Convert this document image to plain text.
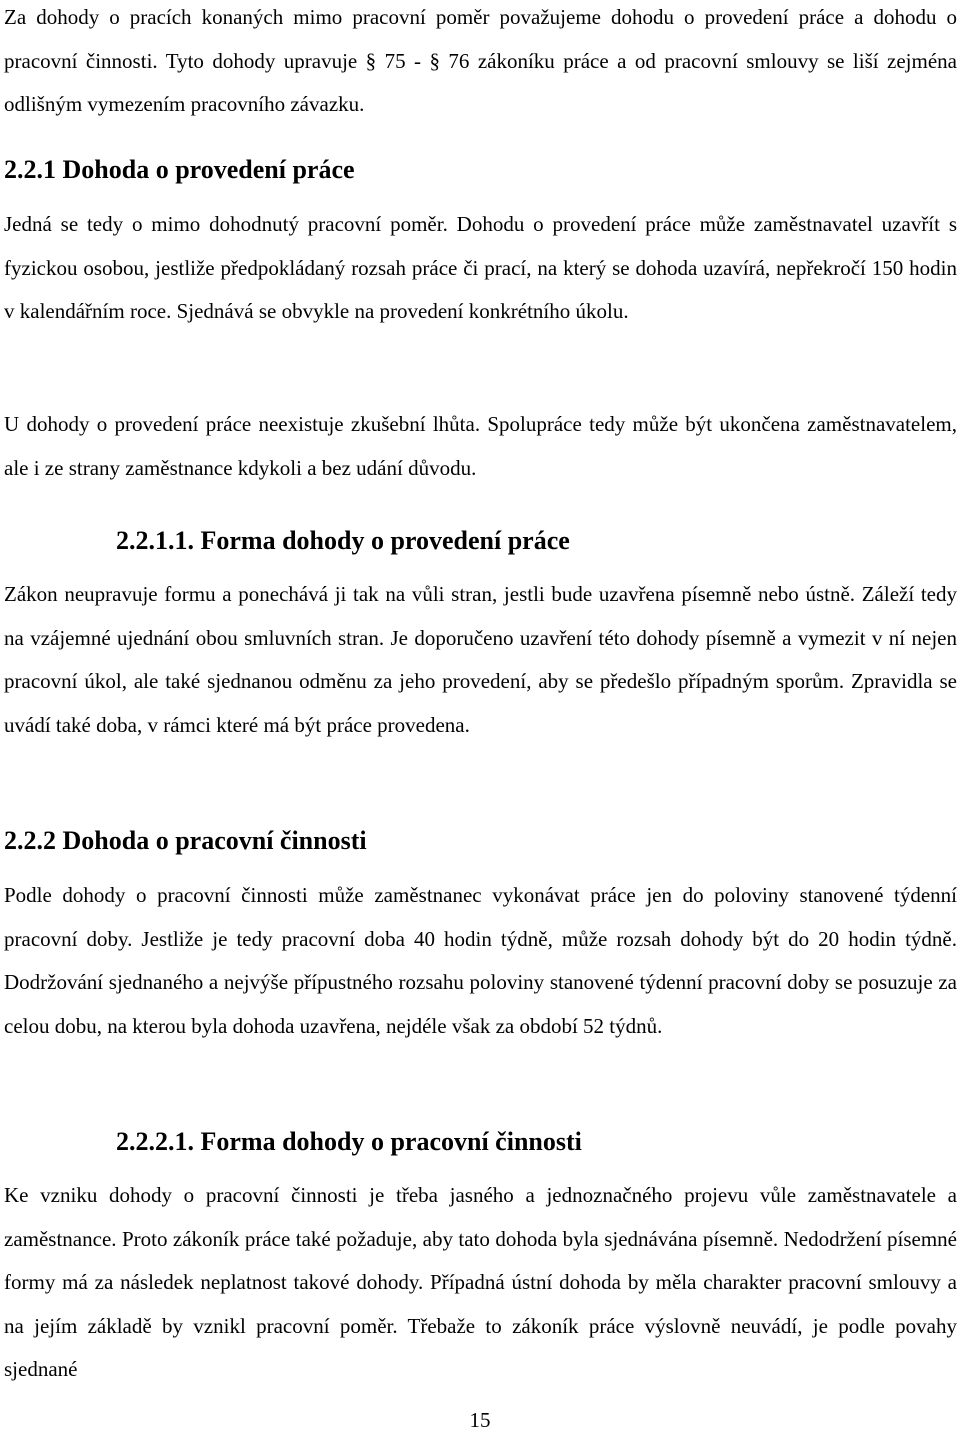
Za dohody o pracích konaných mimo pracovní poměr považujeme dohodu o provedení práce a dohodu o pracovní činnosti. Tyto dohody upravuje § 75 - § 76 zákoníku práce a od pracovní smlouvy se liší zejména odlišným vymezením pracovního závazku.

2.2.1 Dohoda o provedení práce

Jedná se tedy o mimo dohodnutý pracovní poměr. Dohodu o provedení práce může zaměstnavatel uzavřít s fyzickou osobou, jestliže předpokládaný rozsah práce či prací, na který se dohoda uzavírá, nepřekročí 150 hodin v kalendářním roce. Sjednává se obvykle na provedení konkrétního úkolu.

U dohody o provedení práce neexistuje zkušební lhůta. Spolupráce tedy může být ukončena zaměstnavatelem, ale i ze strany zaměstnance kdykoli a bez udání důvodu.

2.2.1.1. Forma dohody o provedení práce

Zákon neupravuje formu a ponechává ji tak na vůli stran, jestli bude uzavřena písemně nebo ústně. Záleží tedy na vzájemné ujednání obou smluvních stran. Je doporučeno uzavření této dohody písemně a vymezit v ní nejen pracovní úkol, ale také sjednanou odměnu za jeho provedení, aby se předešlo případným sporům. Zpravidla se uvádí také doba, v rámci které má být práce provedena.

2.2.2 Dohoda o pracovní činnosti

Podle dohody o pracovní činnosti může zaměstnanec vykonávat práce jen do poloviny stanovené týdenní pracovní doby. Jestliže je tedy pracovní doba 40 hodin týdně, může rozsah dohody být do 20 hodin týdně. Dodržování sjednaného a nejvýše přípustného rozsahu poloviny stanovené týdenní pracovní doby se posuzuje za celou dobu, na kterou byla dohoda uzavřena, nejdéle však za období 52 týdnů.

2.2.2.1. Forma dohody o pracovní činnosti

Ke vzniku dohody o pracovní činnosti je třeba jasného a jednoznačného projevu vůle zaměstnavatele a zaměstnance. Proto zákoník práce také požaduje, aby tato dohoda byla sjednávána písemně. Nedodržení písemné formy má za následek neplatnost takové dohody. Případná ústní dohoda by měla charakter pracovní smlouvy a na jejím základě by vznikl pracovní poměr. Třebaže to zákoník práce výslovně neuvádí, je podle povahy sjednané

15
